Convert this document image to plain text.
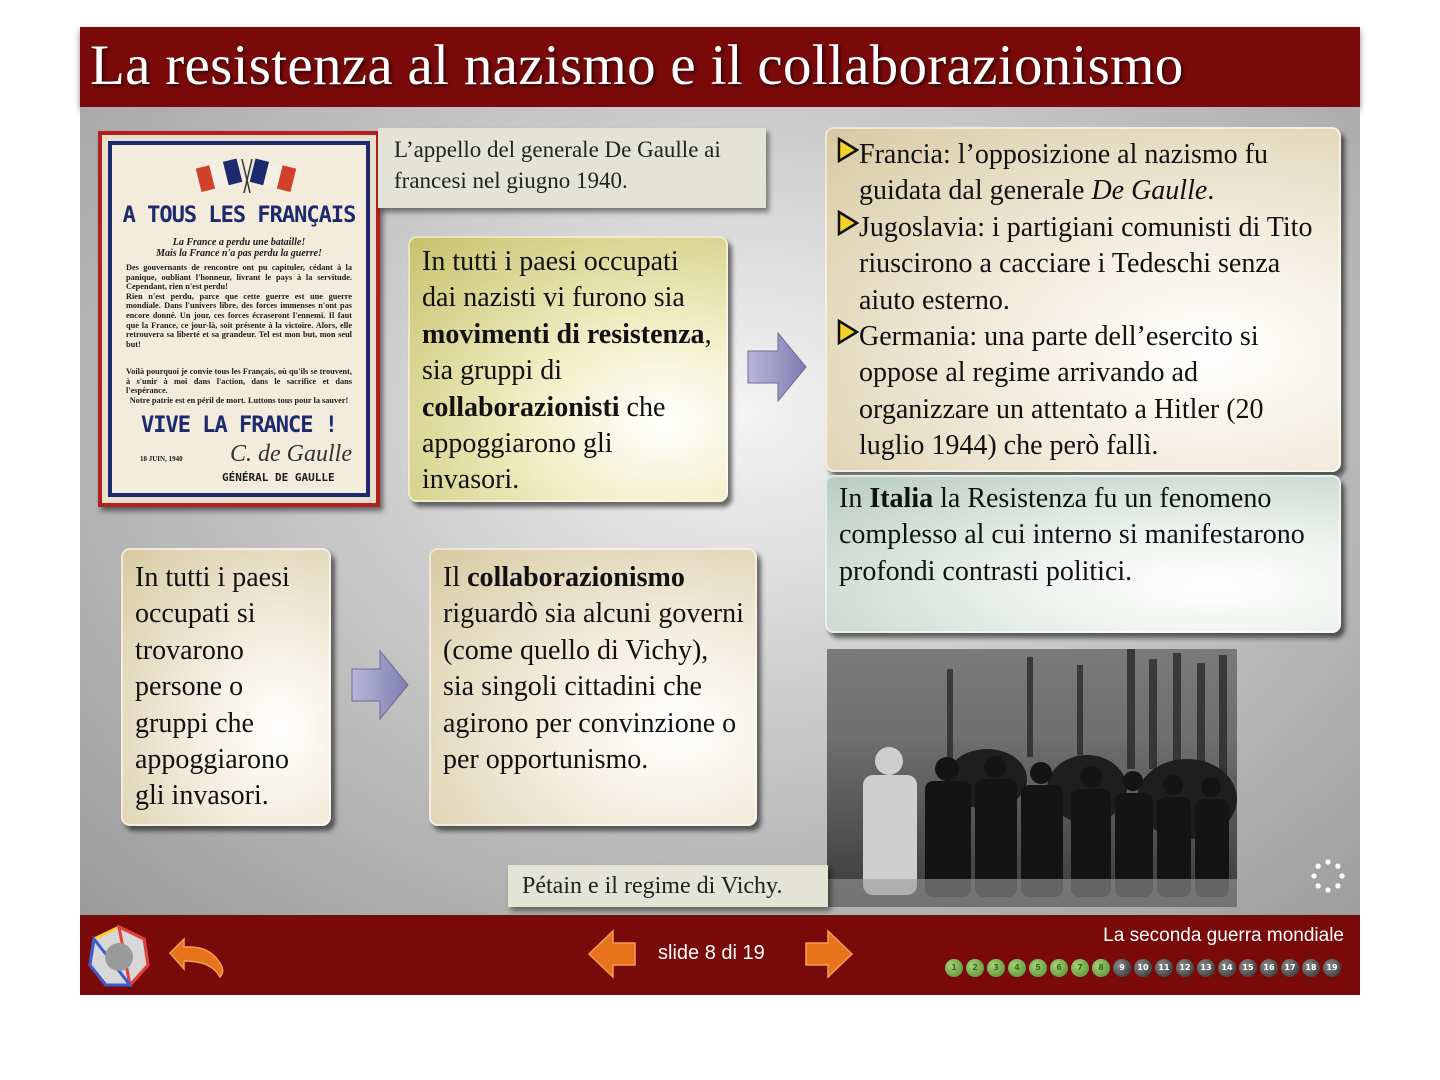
La resistenza al nazismo e il collaborazionismo
A TOUS LES FRANÇAIS
La France a perdu une bataille!
Mais la France n'a pas perdu la guerre!
Des gouvernants de rencontre ont pu capituler, cédant à la panique, oubliant l'honneur, livrant le pays à la servitude. Cependant, rien n'est perdu!
Rien n'est perdu, parce que cette guerre est une guerre mondiale. Dans l'univers libre, des forces immenses n'ont pas encore donné. Un jour, ces forces écraseront l'ennemi. Il faut que la France, ce jour-là, soit présente à la victoire. Alors, elle retrouvera sa liberté et sa grandeur. Tel est mon but, mon seul but!
Voilà pourquoi je convie tous les Français, où qu'ils se trouvent, à s'unir à moi dans l'action, dans le sacrifice et dans l'espérance.
Notre patrie est en péril de mort. Luttons tous pour la sauver!
VIVE LA FRANCE !
18 JUIN, 1940 C. de Gaulle
GÉNÉRAL DE GAULLE
L’appello del generale De Gaulle ai francesi nel giugno 1940.
In tutti i paesi occupati dai nazisti vi furono sia movimenti di resistenza, sia gruppi di collaborazionisti che appoggiarono gli invasori.
Francia: l’opposizione al nazismo fu guidata dal generale De Gaulle.
Jugoslavia: i partigiani comunisti di Tito riuscirono a cacciare i Tedeschi senza aiuto esterno.
Germania: una parte dell’esercito si oppose al regime arrivando ad organizzare un attentato a Hitler (20 luglio 1944) che però fallì.
In Italia la Resistenza fu un fenomeno complesso al cui interno si manifestarono profondi contrasti politici.
In tutti i paesi occupati si trovarono persone o gruppi che appoggiarono gli invasori.
Il collaborazionismo riguardò sia alcuni governi (come quello di Vichy), sia singoli cittadini che agirono per convinzione o per opportunismo.
Pétain e il regime di Vichy.
slide 8 di 19
La seconda guerra mondiale
1	2	3	4	5	6	7	8	9	10	11	12	13	14	15	16	17	18	19
